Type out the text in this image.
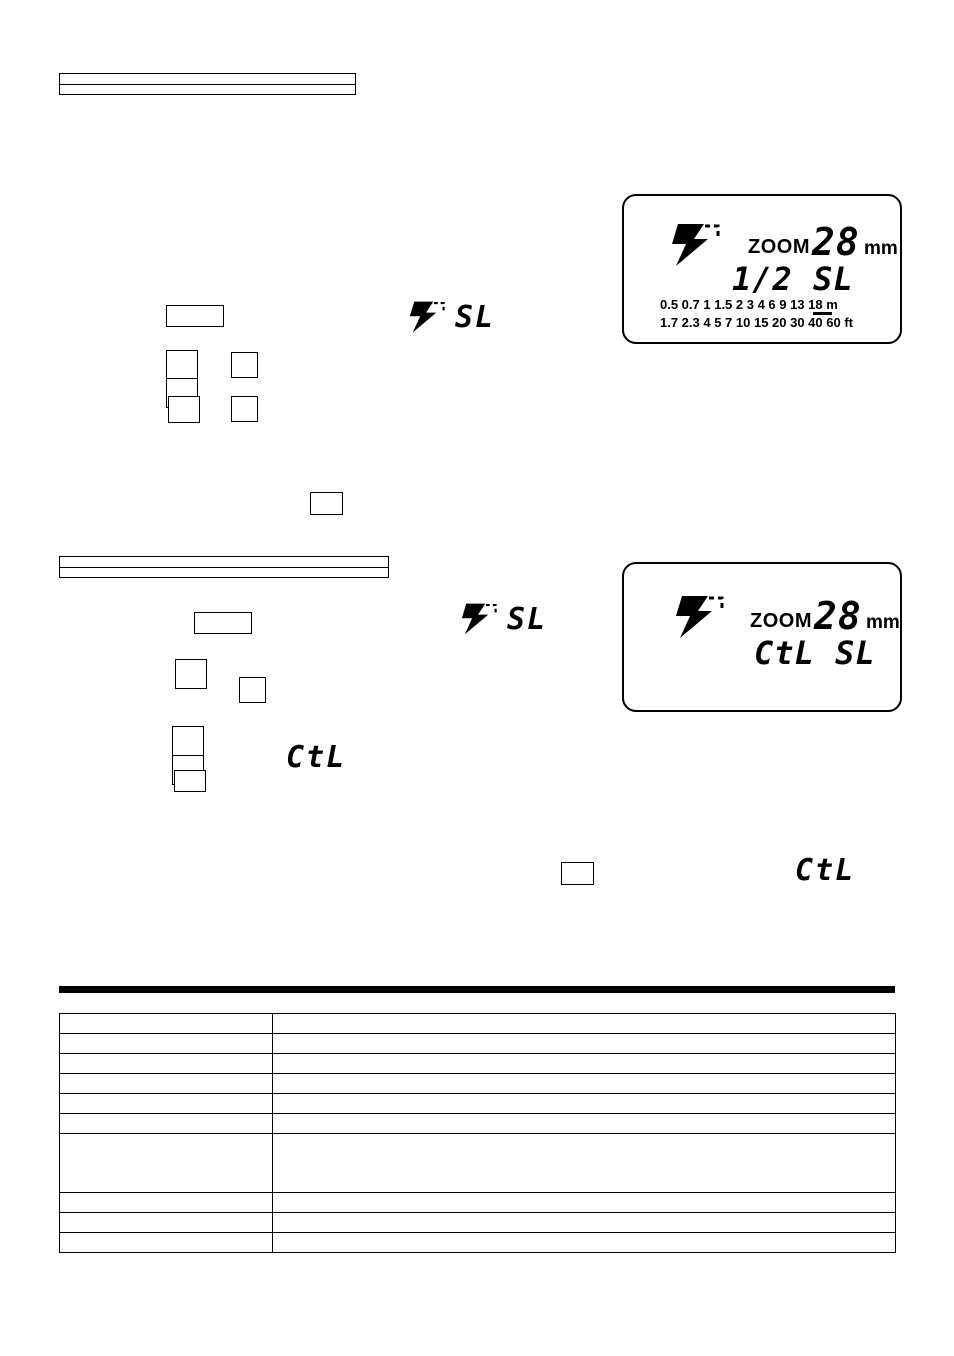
ZOOM 28 mm
1/2 SL
0.5 0.7 1 1.5 2 3 4 6 9 13 18 m
1.7 2.3 4 5 7 10 15 20 30 40 60 ft
SL
ZOOM 28 mm
CtL SL
SL
CtL
CtL
